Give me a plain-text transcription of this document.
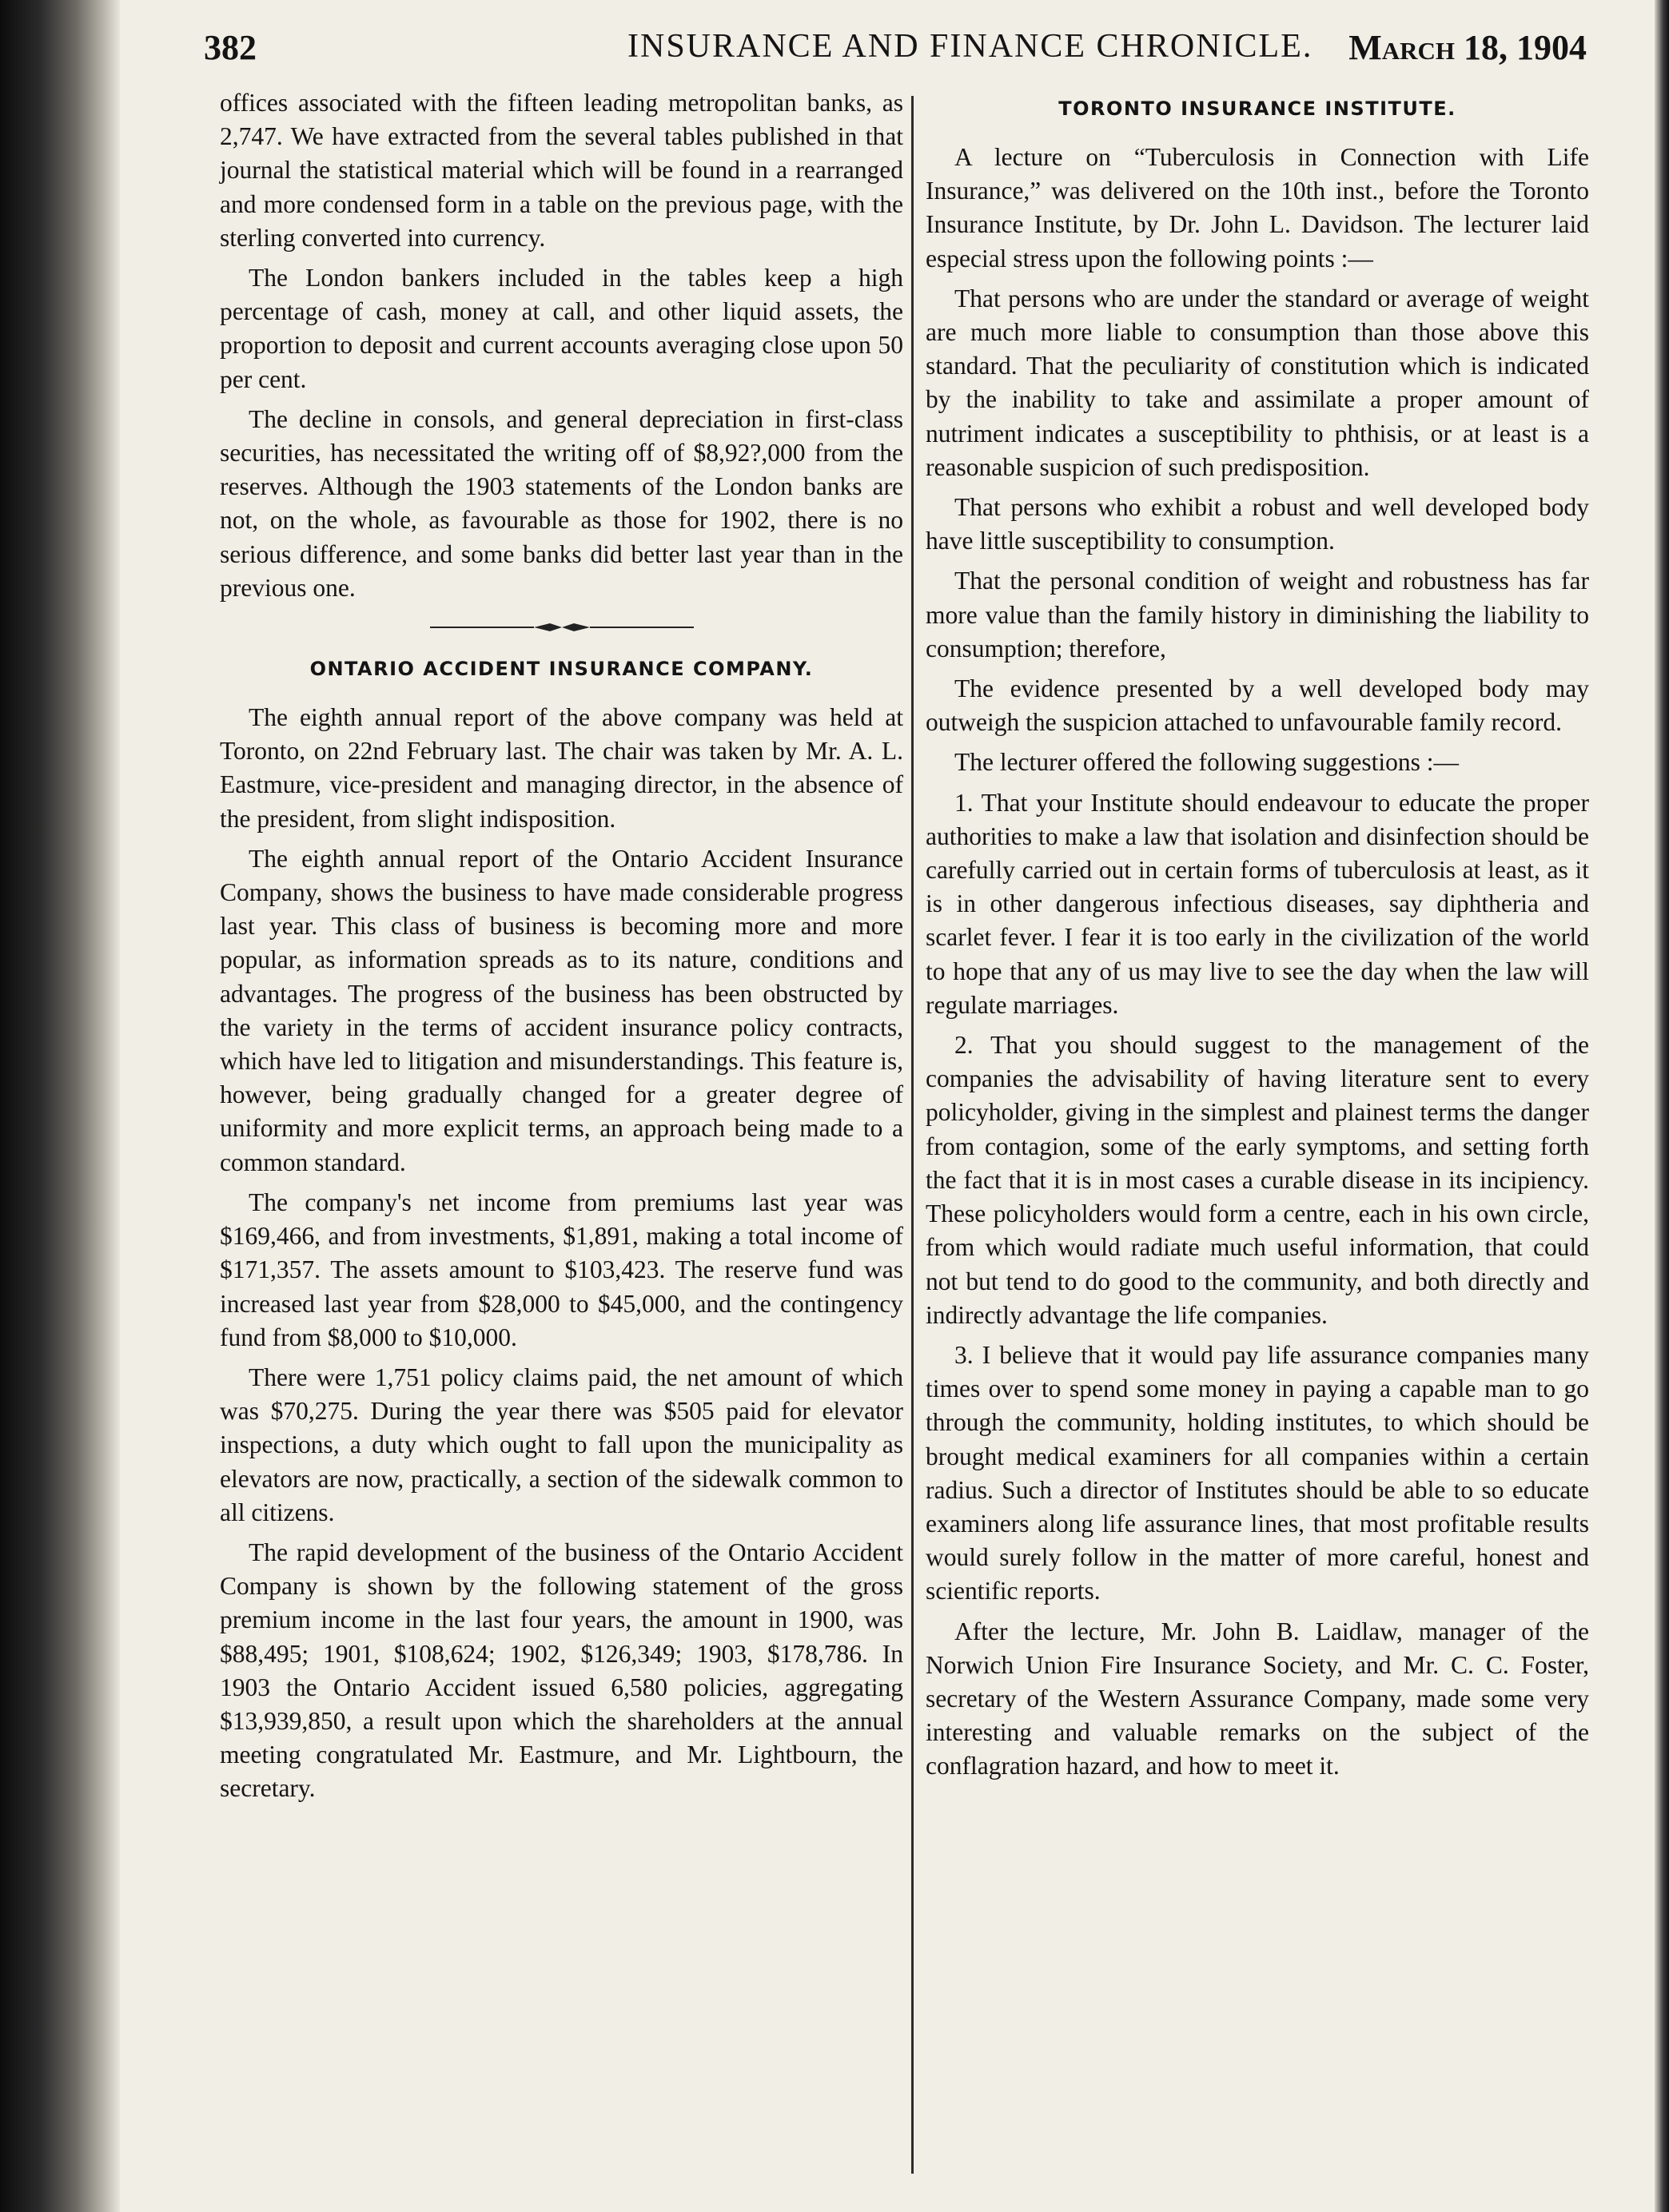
382	INSURANCE AND FINANCE CHRONICLE. March 18, 1904

offices associated with the fifteen leading metropolitan banks, as 2,747. We have extracted from the several tables published in that journal the statistical material which will be found in a rearranged and more condensed form in a table on the previous page, with the sterling converted into currency.

The London bankers included in the tables keep a high percentage of cash, money at call, and other liquid assets, the proportion to deposit and current accounts averaging close upon 50 per cent.

The decline in consols, and general depreciation in first-class securities, has necessitated the writing off of $8,92?,000 from the reserves. Although the 1903 statements of the London banks are not, on the whole, as favourable as those for 1902, there is no serious difference, and some banks did better last year than in the previous one.

ONTARIO ACCIDENT INSURANCE COMPANY.

The eighth annual report of the above company was held at Toronto, on 22nd February last. The chair was taken by Mr. A. L. Eastmure, vice-president and managing director, in the absence of the president, from slight indisposition.

The eighth annual report of the Ontario Accident Insurance Company, shows the business to have made considerable progress last year. This class of business is becoming more and more popular, as information spreads as to its nature, conditions and advantages. The progress of the business has been obstructed by the variety in the terms of accident insurance policy contracts, which have led to litigation and misunderstandings. This feature is, however, being gradually changed for a greater degree of uniformity and more explicit terms, an approach being made to a common standard.

The company's net income from premiums last year was $169,466, and from investments, $1,891, making a total income of $171,357. The assets amount to $103,423. The reserve fund was increased last year from $28,000 to $45,000, and the contingency fund from $8,000 to $10,000.

There were 1,751 policy claims paid, the net amount of which was $70,275. During the year there was $505 paid for elevator inspections, a duty which ought to fall upon the municipality as elevators are now, practically, a section of the sidewalk common to all citizens.

The rapid development of the business of the Ontario Accident Company is shown by the following statement of the gross premium income in the last four years, the amount in 1900, was $88,495; 1901, $108,624; 1902, $126,349; 1903, $178,786. In 1903 the Ontario Accident issued 6,580 policies, aggregating $13,939,850, a result upon which the shareholders at the annual meeting congratulated Mr. Eastmure, and Mr. Lightbourn, the secretary.

TORONTO INSURANCE INSTITUTE.

A lecture on “Tuberculosis in Connection with Life Insurance,” was delivered on the 10th inst., before the Toronto Insurance Institute, by Dr. John L. Davidson. The lecturer laid especial stress upon the following points :—

That persons who are under the standard or average of weight are much more liable to consumption than those above this standard. That the peculiarity of constitution which is indicated by the inability to take and assimilate a proper amount of nutriment indicates a susceptibility to phthisis, or at least is a reasonable suspicion of such predisposition.

That persons who exhibit a robust and well developed body have little susceptibility to consumption.

That the personal condition of weight and robustness has far more value than the family history in diminishing the liability to consumption; therefore,

The evidence presented by a well developed body may outweigh the suspicion attached to unfavourable family record.

The lecturer offered the following suggestions :—

1. That your Institute should endeavour to educate the proper authorities to make a law that isolation and disinfection should be carefully carried out in certain forms of tuberculosis at least, as it is in other dangerous infectious diseases, say diphtheria and scarlet fever. I fear it is too early in the civilization of the world to hope that any of us may live to see the day when the law will regulate marriages.

2. That you should suggest to the management of the companies the advisability of having literature sent to every policyholder, giving in the simplest and plainest terms the danger from contagion, some of the early symptoms, and setting forth the fact that it is in most cases a curable disease in its incipiency. These policyholders would form a centre, each in his own circle, from which would radiate much useful information, that could not but tend to do good to the community, and both directly and indirectly advantage the life companies.

3. I believe that it would pay life assurance companies many times over to spend some money in paying a capable man to go through the community, holding institutes, to which should be brought medical examiners for all companies within a certain radius. Such a director of Institutes should be able to so educate examiners along life assurance lines, that most profitable results would surely follow in the matter of more careful, honest and scientific reports.

After the lecture, Mr. John B. Laidlaw, manager of the Norwich Union Fire Insurance Society, and Mr. C. C. Foster, secretary of the Western Assurance Company, made some very interesting and valuable remarks on the subject of the conflagration hazard, and how to meet it.
